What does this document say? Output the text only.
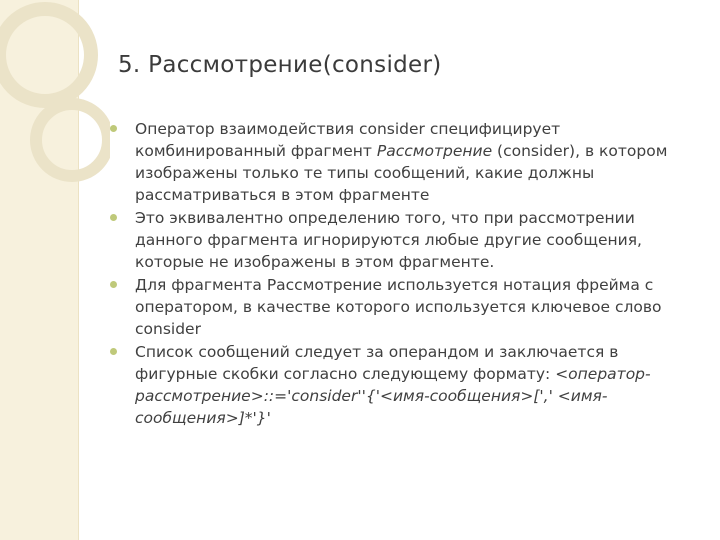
5. Рассмотрение(consider)
Оператор взаимодействия consider специфицирует комбинированный фрагмент Рассмотрение (consider), в котором изображены только те типы сообщений, какие должны рассматриваться в этом фрагменте
Это эквивалентно определению того, что при рассмотрении данного фрагмента игнорируются любые другие сообщения, которые не изображены в этом фрагменте.
Для фрагмента Рассмотрение используется нотация фрейма с оператором, в качестве которого используется ключевое слово consider
Список сообщений следует за операндом и заключается в фигурные скобки согласно следующему формату: <оператор-рассмотрение>::='consider''{'<имя-сообщения>[',' <имя-сообщения>]*'}'
